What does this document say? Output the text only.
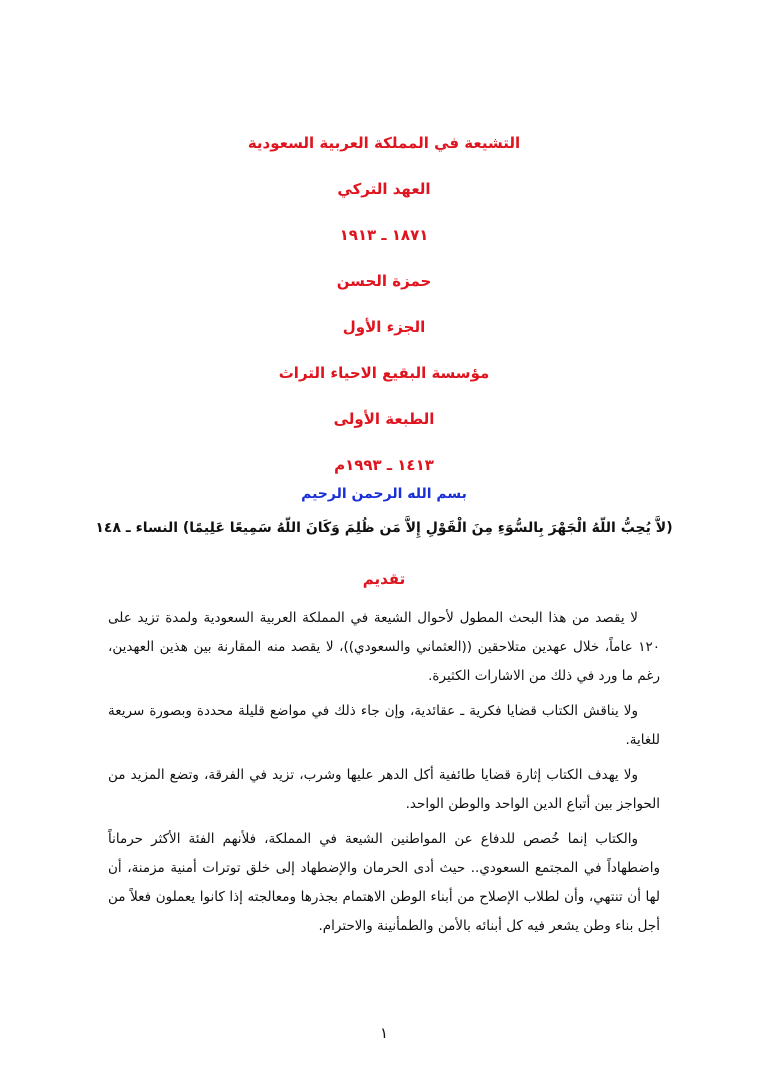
التشيعة في المملكة العربية السعودية
العهد التركي
١٨٧١ ـ ١٩١٣
حمزة الحسن
الجزء الأول
مؤسسة البقيع الاحياء التراث
الطبعة الأولى
١٤١٣ ـ ١٩٩٣م
بسم الله الرحمن الرحيم
(لاَّ يُحِبُّ اللّهُ الْجَهْرَ بِالسُّوَءِ مِنَ الْقَوْلِ إِلاَّ مَن ظُلِمَ وَكَانَ اللّهُ سَمِيعًا عَلِيمًا) النساء ـ ١٤٨
تقديم

لا يقصد من هذا البحث المطول لأحوال الشيعة في المملكة العربية السعودية ولمدة تزيد على ١٢٠ عاماً، خلال عهدين متلاحقين ((العثماني والسعودي))، لا يقصد منه المقارنة بين هذين العهدين، رغم ما ورد في ذلك من الاشارات الكثيرة.

ولا يناقش الكتاب قضايا فكرية ـ عقائدية، وإن جاء ذلك في مواضع قليلة محددة وبصورة سريعة للغاية.

ولا يهدف الكتاب إثارة قضايا طائفية أكل الدهر عليها وشرب، تزيد في الفرقة، وتضع المزيد من الحواجز بين أتباع الدين الواحد والوطن الواحد.

والكتاب إنما خُصص للدفاع عن المواطنين الشيعة في المملكة، فلأنهم الفئة الأكثر حرماناً واضطهاداً في المجتمع السعودي.. حيث أدى الحرمان والإضطهاد إلى خلق توترات أمنية مزمنة، أن لها أن تنتهي، وأن لطلاب الإصلاح من أبناء الوطن الاهتمام بجذرها ومعالجته إذا كانوا يعملون فعلاً من أجل بناء وطن يشعر فيه كل أبنائه بالأمن والطمأنينة والاحترام.

١
